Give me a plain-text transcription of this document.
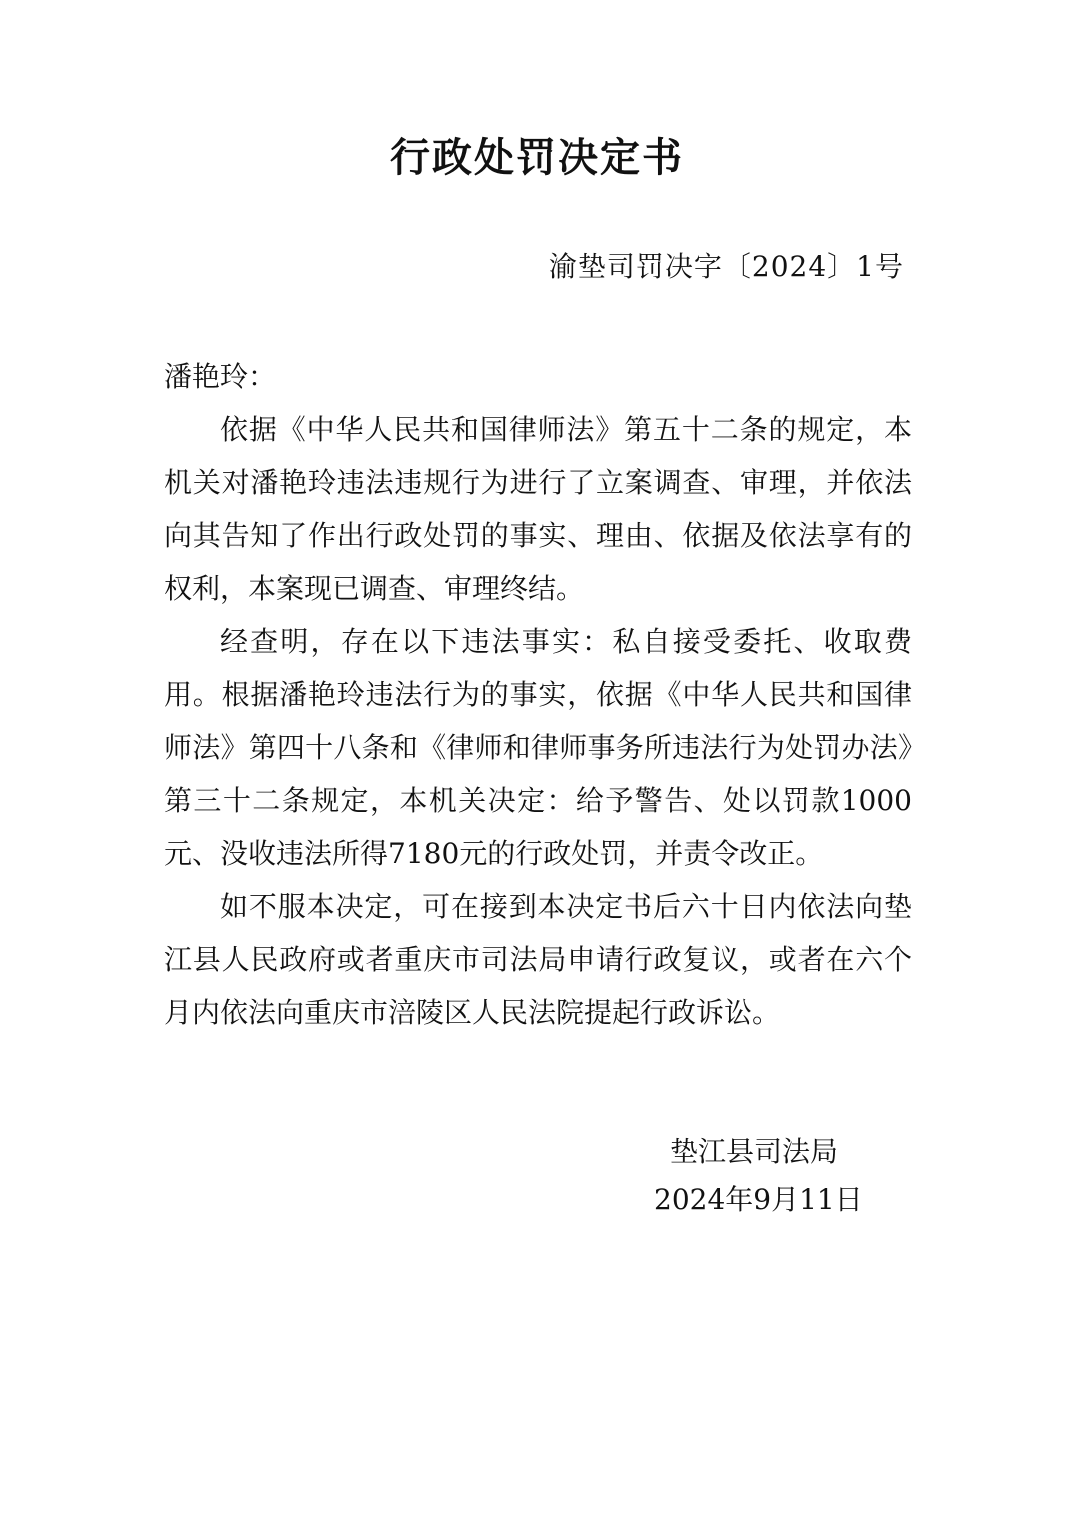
行政处罚决定书
渝垫司罚决字〔2024〕1号

潘艳玲：

依据《中华人民共和国律师法》第五十二条的规定，本机关对潘艳玲违法违规行为进行了立案调查、审理，并依法向其告知了作出行政处罚的事实、理由、依据及依法享有的权利，本案现已调查、审理终结。

经查明，存在以下违法事实：私自接受委托、收取费用。根据潘艳玲违法行为的事实，依据《中华人民共和国律师法》第四十八条和《律师和律师事务所违法行为处罚办法》第三十二条规定，本机关决定：给予警告、处以罚款1000元、没收违法所得7180元的行政处罚，并责令改正。

如不服本决定，可在接到本决定书后六十日内依法向垫江县人民政府或者重庆市司法局申请行政复议，或者在六个月内依法向重庆市涪陵区人民法院提起行政诉讼。

垫江县司法局
2024年9月11日
